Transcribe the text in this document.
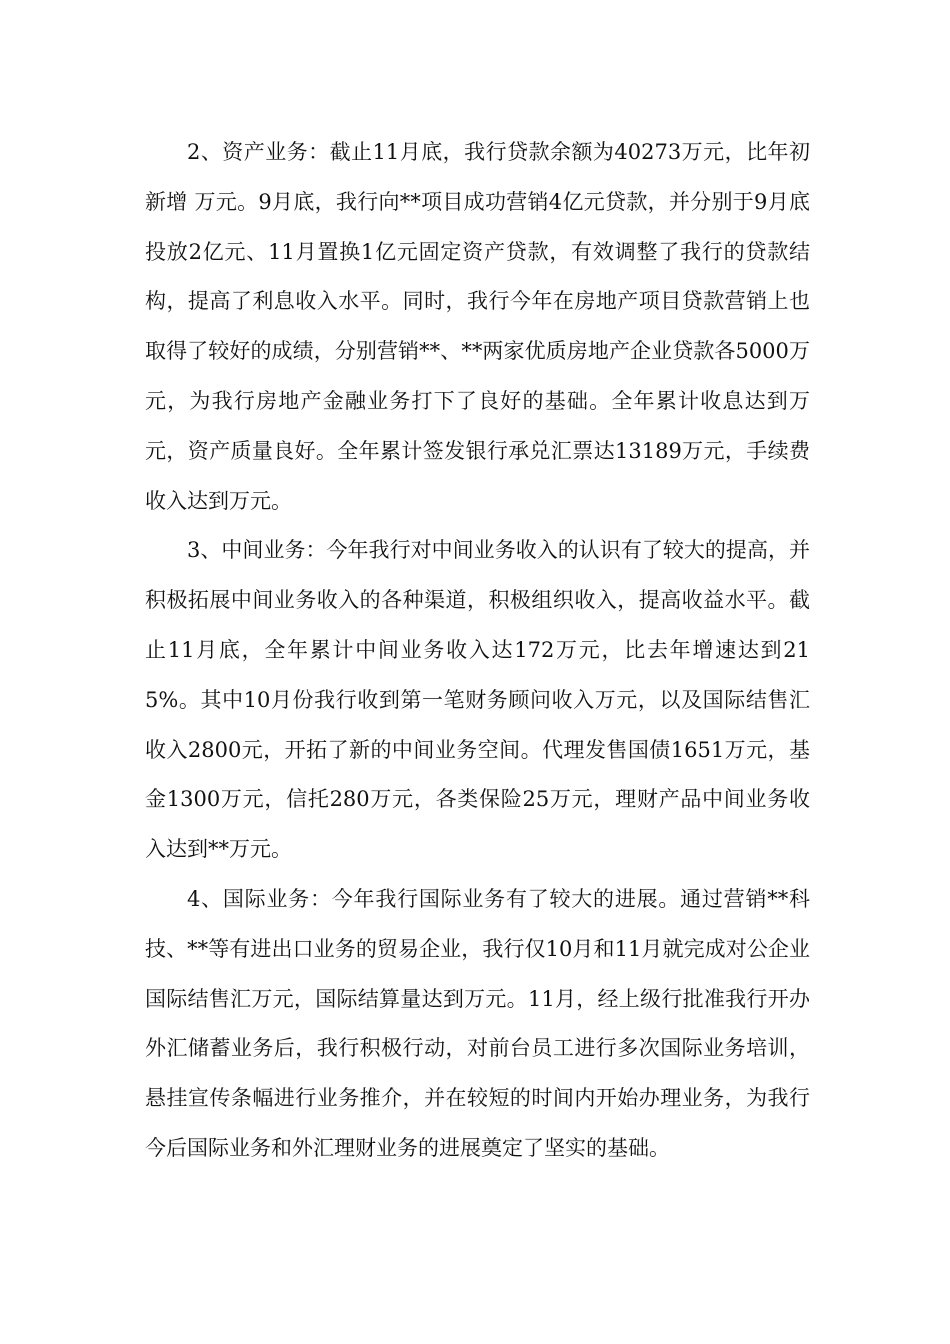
2、资产业务：截止11月底，我行贷款余额为40273万元，比年初新增 万元。9月底，我行向**项目成功营销4亿元贷款，并分别于9月底投放2亿元、11月置换1亿元固定资产贷款，有效调整了我行的贷款结构，提高了利息收入水平。同时，我行今年在房地产项目贷款营销上也取得了较好的成绩，分别营销**、**两家优质房地产企业贷款各5000万元，为我行房地产金融业务打下了良好的基础。全年累计收息达到万元，资产质量良好。全年累计签发银行承兑汇票达13189万元，手续费收入达到万元。

3、中间业务：今年我行对中间业务收入的认识有了较大的提高，并积极拓展中间业务收入的各种渠道，积极组织收入，提高收益水平。截止11月底，全年累计中间业务收入达172万元，比去年增速达到215%。其中10月份我行收到第一笔财务顾问收入万元，以及国际结售汇收入2800元，开拓了新的中间业务空间。代理发售国债1651万元，基金1300万元，信托280万元，各类保险25万元，理财产品中间业务收入达到**万元。

4、国际业务：今年我行国际业务有了较大的进展。通过营销**科技、**等有进出口业务的贸易企业，我行仅10月和11月就完成对公企业国际结售汇万元，国际结算量达到万元。11月，经上级行批准我行开办外汇储蓄业务后，我行积极行动，对前台员工进行多次国际业务培训，悬挂宣传条幅进行业务推介，并在较短的时间内开始办理业务，为我行今后国际业务和外汇理财业务的进展奠定了坚实的基础。
